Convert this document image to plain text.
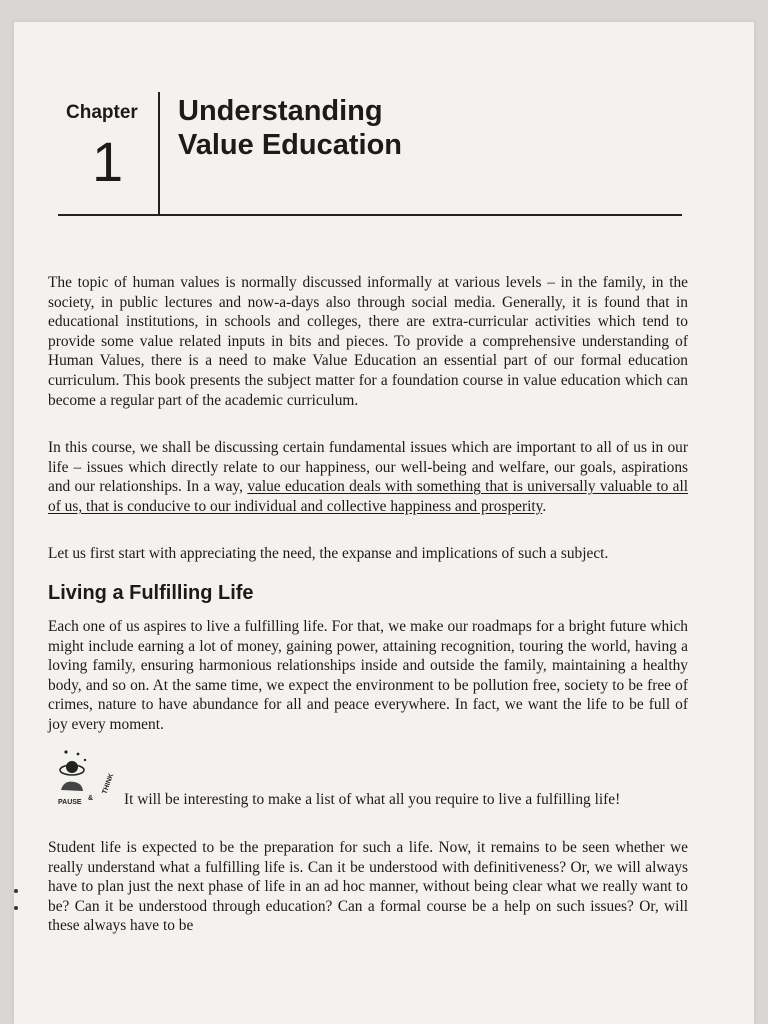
Chapter
1
Understanding
Value Education

The topic of human values is normally discussed informally at various levels – in the family, in the society, in public lectures and now-a-days also through social media. Generally, it is found that in educational institutions, in schools and colleges, there are extra-curricular activities which tend to provide some value related inputs in bits and pieces. To provide a comprehensive understanding of Human Values, there is a need to make Value Education an essential part of our formal education curriculum. This book presents the subject matter for a foundation course in value education which can become a regular part of the academic curriculum.

In this course, we shall be discussing certain fundamental issues which are important to all of us in our life – issues which directly relate to our happiness, our well-being and welfare, our goals, aspirations and our relationships. In a way, value education deals with something that is universally valuable to all of us, that is conducive to our individual and collective happiness and prosperity.

Let us first start with appreciating the need, the expanse and implications of such a subject.

Living a Fulfilling Life

Each one of us aspires to live a fulfilling life. For that, we make our roadmaps for a bright future which might include earning a lot of money, gaining power, attaining recognition, touring the world, having a loving family, ensuring harmonious relationships inside and outside the family, maintaining a healthy body, and so on. At the same time, we expect the environment to be pollution free, society to be free of crimes, nature to have abundance for all and peace everywhere. In fact, we want the life to be full of joy every moment.

PAUSE
&
THINK

It will be interesting to make a list of what all you require to live a fulfilling life!

Student life is expected to be the preparation for such a life. Now, it remains to be seen whether we really understand what a fulfilling life is. Can it be understood with definitiveness? Or, we will always have to plan just the next phase of life in an ad hoc manner, without being clear what we really want to be? Can it be understood through education? Can a formal course be a help on such issues? Or, will these always have to be
